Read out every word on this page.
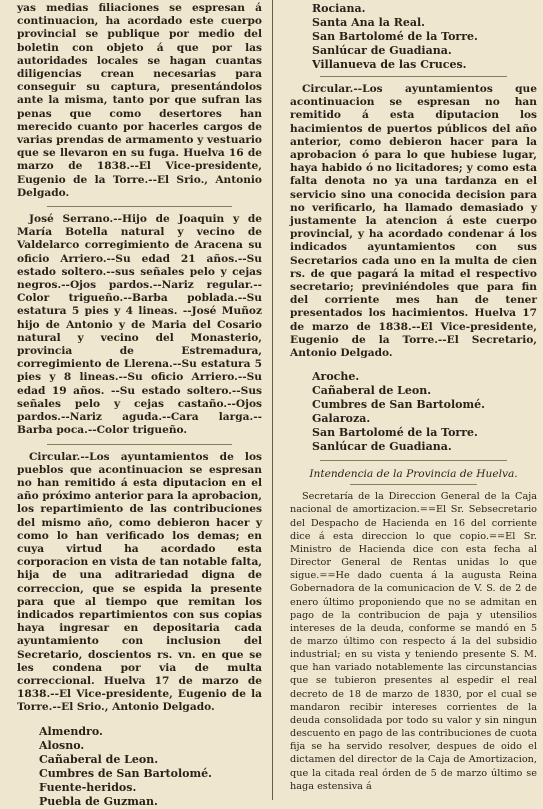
yas medias filiaciones se espresan á continuacion, ha acordado este cuerpo provincial se publique por medio del boletin con objeto á que por las autoridades locales se hagan cuantas diligencias crean necesarias para conseguir su captura, presentándolos ante la misma, tanto por que sufran las penas que como desertores han merecido cuanto por hacerles cargos de varias prendas de armamento y vestuario que se llevaron en su fuga. Huelva 16 de marzo de 1838.--El Vice-presidente, Eugenio de la Torre.--El Srio., Antonio Delgado.

José Serrano.--Hijo de Joaquin y de María Botella natural y vecino de Valdelarco corregimiento de Aracena su oficio Arriero.--Su edad 21 años.--Su estado soltero.--sus señales pelo y cejas negros.--Ojos pardos.--Nariz regular.--Color trigueño.--Barba poblada.--Su estatura 5 pies y 4 lineas. --José Muñoz hijo de Antonio y de Maria del Cosario natural y vecino del Monasterio, provincia de Estremadura, corregimiento de Llerena.--Su estatura 5 pies y 8 lineas.--Su oficio Arriero.--Su edad 19 años. --Su estado soltero.--Sus señales pelo y cejas castaño.--Ojos pardos.--Nariz aguda.--Cara larga.--Barba poca.--Color trigueño.

Circular.--Los ayuntamientos de los pueblos que acontinuacion se espresan no han remitido á esta diputacion en el año próximo anterior para la aprobacion, los repartimiento de las contribuciones del mismo año, como debieron hacer y como lo han verificado los demas; en cuya virtud ha acordado esta corporacion en vista de tan notable falta, hija de una aditrariedad digna de correccion, que se espida la presente para que al tiempo que remitan los indicados repartimientos con sus copias haya ingresar en depositaria cada ayuntamiento con inclusion del Secretario, doscientos rs. vn. en que se les condena por via de multa correccional. Huelva 17 de marzo de 1838.--El Vice-presidente, Eugenio de la Torre.--El Srio., Antonio Delgado.

Almendro.
Alosno.
Cañaberal de Leon.
Cumbres de San Bartolomé.
Fuente-heridos.
Puebla de Guzman.
Rociana.
Santa Ana la Real.
San Bartolomé de la Torre.
Sanlúcar de Guadiana.
Villanueva de las Cruces.

Circular.--Los ayuntamientos que acontinuacion se espresan no han remitido á esta diputacion los hacimientos de puertos públicos del año anterior, como debieron hacer para la aprobacion ó para lo que hubiese lugar, haya habido ó no licitadores; y como esta falta denota no ya una tardanza en el servicio sino una conocida decision para no verificarlo, ha llamado demasiado y justamente la atencion á este cuerpo provincial, y ha acordado condenar á los indicados ayuntamientos con sus Secretarios cada uno en la multa de cien rs. de que pagará la mitad el respectivo secretario; previniéndoles que para fin del corriente mes han de tener presentados los hacimientos. Huelva 17 de marzo de 1838.--El Vice-presidente, Eugenio de la Torre.--El Secretario, Antonio Delgado.

Aroche.
Cañaberal de Leon.
Cumbres de San Bartolomé.
Galaroza.
San Bartolomé de la Torre.
Sanlúcar de Guadiana.

Intendencia de la Provincia de Huelva.

Secretaría de la Direccion General de la Caja nacional de amortizacion.==El Sr. Sebsecretario del Despacho de Hacienda en 16 del corriente dice á esta direccion lo que copio.==El Sr. Ministro de Hacienda dice con esta fecha al Director General de Rentas unidas lo que sigue.==He dado cuenta á la augusta Reina Gobernadora de la comunicacion de V. S. de 2 de enero último proponiendo que no se admitan en pago de la contribucion de paja y utensilios intereses de la deuda, conforme se mandó en 5 de marzo último con respecto á la del subsidio industrial; en su vista y teniendo presente S. M. que han variado notablemente las circunstancias que se tubieron presentes al espedir el real decreto de 18 de marzo de 1830, por el cual se mandaron recibir intereses corrientes de la deuda consolidada por todo su valor y sin ningun descuento en pago de las contribuciones de cuota fija se ha servido resolver, despues de oido el dictamen del director de la Caja de Amortizacion, que la citada real órden de 5 de marzo último se haga estensiva á
